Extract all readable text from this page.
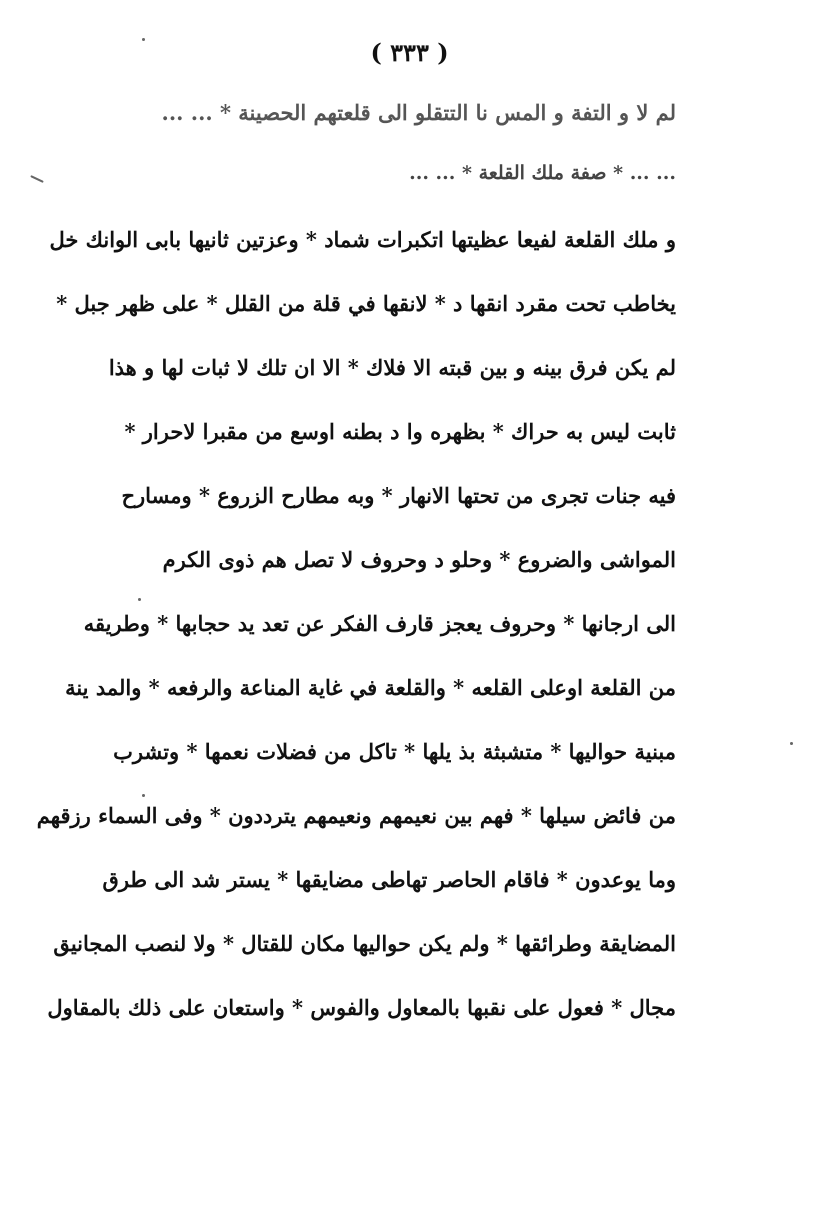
( ۳۳۳ )
لم لا و التفة و المس نا التتقلو الى قلعتهم الحصينة * ... ...
... ... * صفة ملك القلعة * ... ...
و ملك القلعة لفيعا عظيتها اتكبرات شماد * وعزتين ثانيها بابى الوانك خل
يخاطب تحت مقرد انقها د * لانقها في قلة من القلل * على ظهر جبل *
لم يكن فرق بينه و بين قبته الا فلاك * الا ان تلك لا ثبات لها و هذا
ثابت ليس به حراك * بظهره وا د بطنه اوسع من مقبرا لاحرار *
فيه جنات تجرى من تحتها الانهار * وبه مطارح الزروع * ومسارح
المواشى والضروع * وحلو د وحروف لا تصل هم ذوى الكرم
الى ارجانها * وحروف يعجز قارف الفكر عن تعد يد حجابها * وطريقه
من القلعة اوعلى القلعه * والقلعة في غاية المناعة والرفعه * والمد ينة
مبنية حواليها * متشبثة بذ يلها * تاكل من فضلات نعمها * وتشرب
من فائض سيلها * فهم بين نعيمهم ونعيمهم يترددون * وفى السماء رزقهم
وما يوعدون * فاقام الحاصر تهاطى مضايقها * يستر شد الى طرق
المضايقة وطرائقها * ولم يكن حواليها مكان للقتال * ولا لنصب المجانيق
مجال * فعول على نقبها بالمعاول والفوس * واستعان على ذلك بالمقاول
